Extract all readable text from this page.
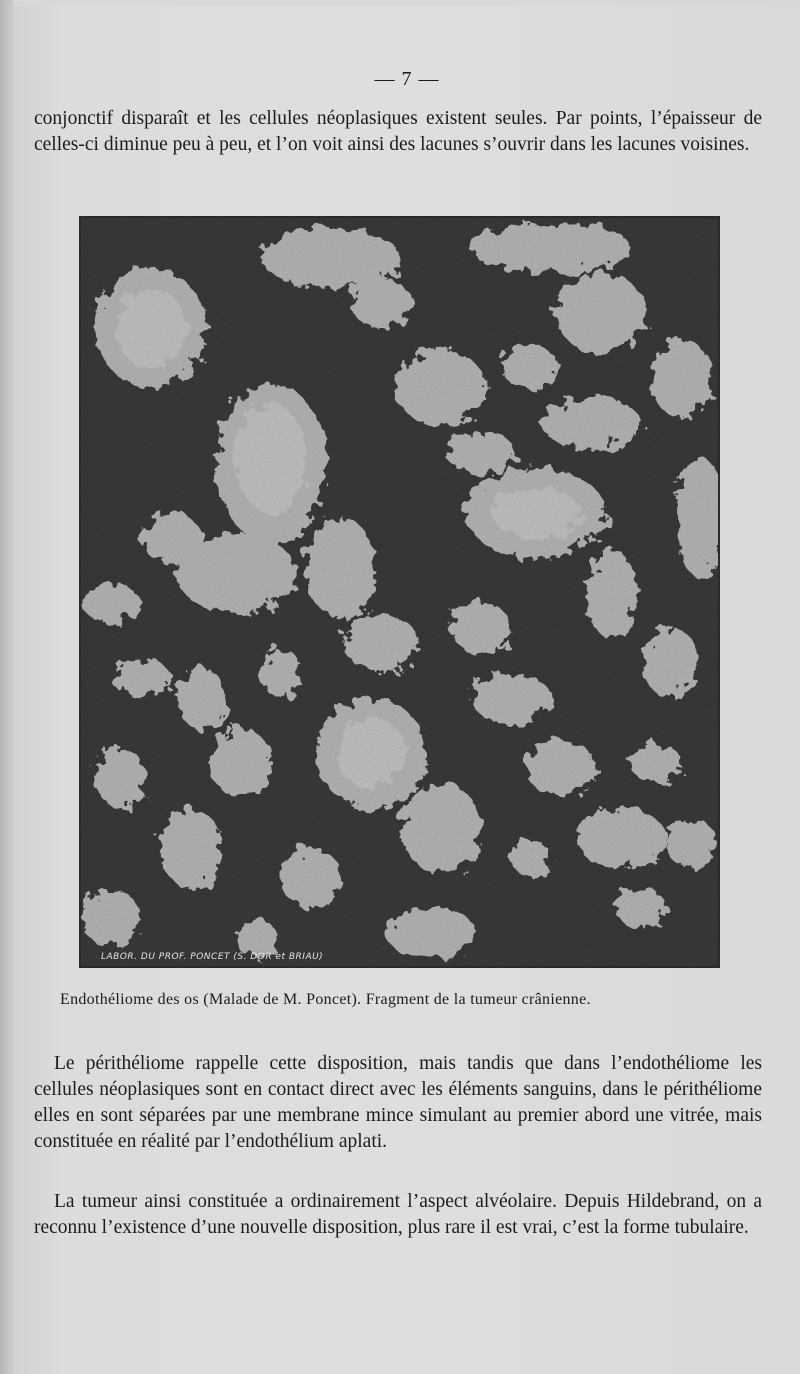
— 7 —

conjonctif disparaît et les cellules néoplasiques existent seules. Par points, l’épaisseur de celles-ci diminue peu à peu, et l’on voit ainsi des lacunes s’ouvrir dans les lacunes voisines.

LABOR. DU PROF. PONCET (S. DOR et BRIAU)
Endothéliome des os (Malade de M. Poncet). Fragment de la tumeur crânienne.

Le périthéliome rappelle cette disposition, mais tandis que dans l’endothéliome les cellules néoplasiques sont en contact direct avec les éléments sanguins, dans le périthéliome elles en sont séparées par une membrane mince simulant au premier abord une vitrée, mais constituée en réalité par l’endothélium aplati.

La tumeur ainsi constituée a ordinairement l’aspect alvéolaire. Depuis Hildebrand, on a reconnu l’existence d’une nouvelle disposition, plus rare il est vrai, c’est la forme tubulaire.
